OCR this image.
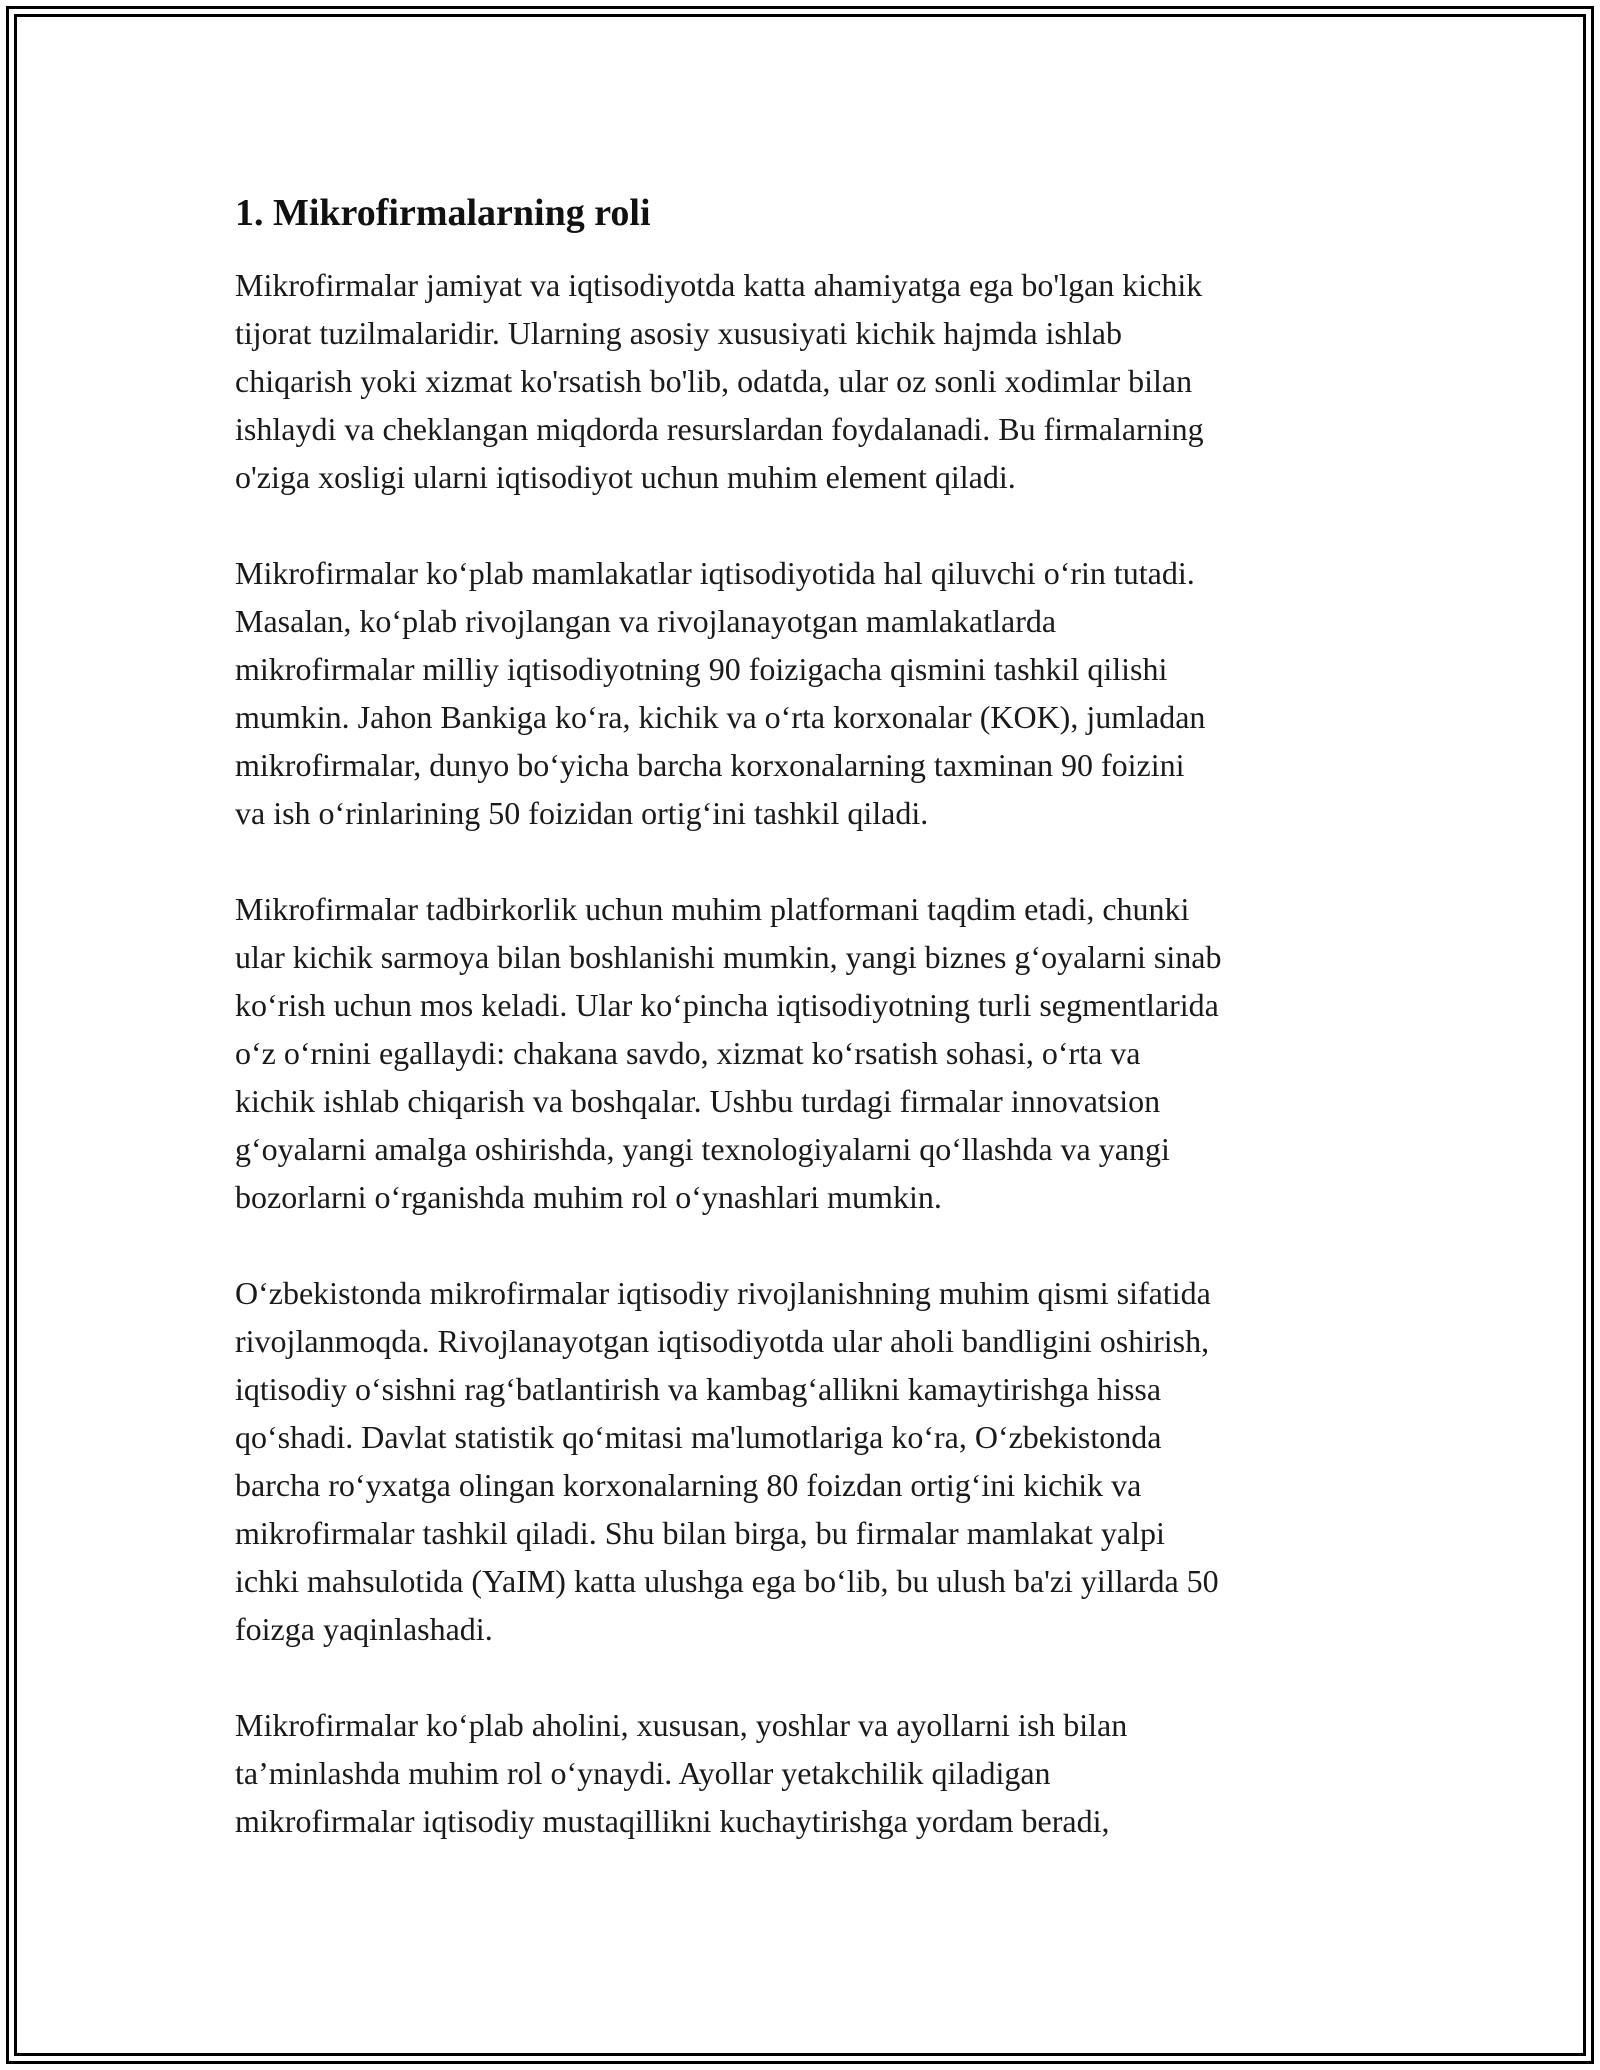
1. Mikrofirmalarning roli

Mikrofirmalar jamiyat va iqtisodiyotda katta ahamiyatga ega bo'lgan kichik
tijorat tuzilmalaridir. Ularning asosiy xususiyati kichik hajmda ishlab
chiqarish yoki xizmat ko'rsatish bo'lib, odatda, ular oz sonli xodimlar bilan
ishlaydi va cheklangan miqdorda resurslardan foydalanadi. Bu firmalarning
o'ziga xosligi ularni iqtisodiyot uchun muhim element qiladi.

Mikrofirmalar koʻplab mamlakatlar iqtisodiyotida hal qiluvchi oʻrin tutadi.
Masalan, koʻplab rivojlangan va rivojlanayotgan mamlakatlarda
mikrofirmalar milliy iqtisodiyotning 90 foizigacha qismini tashkil qilishi
mumkin. Jahon Bankiga koʻra, kichik va oʻrta korxonalar (KOK), jumladan
mikrofirmalar, dunyo boʻyicha barcha korxonalarning taxminan 90 foizini
va ish oʻrinlarining 50 foizidan ortigʻini tashkil qiladi.

Mikrofirmalar tadbirkorlik uchun muhim platformani taqdim etadi, chunki
ular kichik sarmoya bilan boshlanishi mumkin, yangi biznes gʻoyalarni sinab
koʻrish uchun mos keladi. Ular koʻpincha iqtisodiyotning turli segmentlarida
oʻz oʻrnini egallaydi: chakana savdo, xizmat koʻrsatish sohasi, oʻrta va
kichik ishlab chiqarish va boshqalar. Ushbu turdagi firmalar innovatsion
gʻoyalarni amalga oshirishda, yangi texnologiyalarni qoʻllashda va yangi
bozorlarni oʻrganishda muhim rol oʻynashlari mumkin.

Oʻzbekistonda mikrofirmalar iqtisodiy rivojlanishning muhim qismi sifatida
rivojlanmoqda. Rivojlanayotgan iqtisodiyotda ular aholi bandligini oshirish,
iqtisodiy oʻsishni ragʻbatlantirish va kambagʻallikni kamaytirishga hissa
qoʻshadi. Davlat statistik qoʻmitasi ma'lumotlariga koʻra, Oʻzbekistonda
barcha roʻyxatga olingan korxonalarning 80 foizdan ortigʻini kichik va
mikrofirmalar tashkil qiladi. Shu bilan birga, bu firmalar mamlakat yalpi
ichki mahsulotida (YaIM) katta ulushga ega boʻlib, bu ulush ba'zi yillarda 50
foizga yaqinlashadi.

Mikrofirmalar koʻplab aholini, xususan, yoshlar va ayollarni ish bilan
ta’minlashda muhim rol oʻynaydi. Ayollar yetakchilik qiladigan
mikrofirmalar iqtisodiy mustaqillikni kuchaytirishga yordam beradi,
